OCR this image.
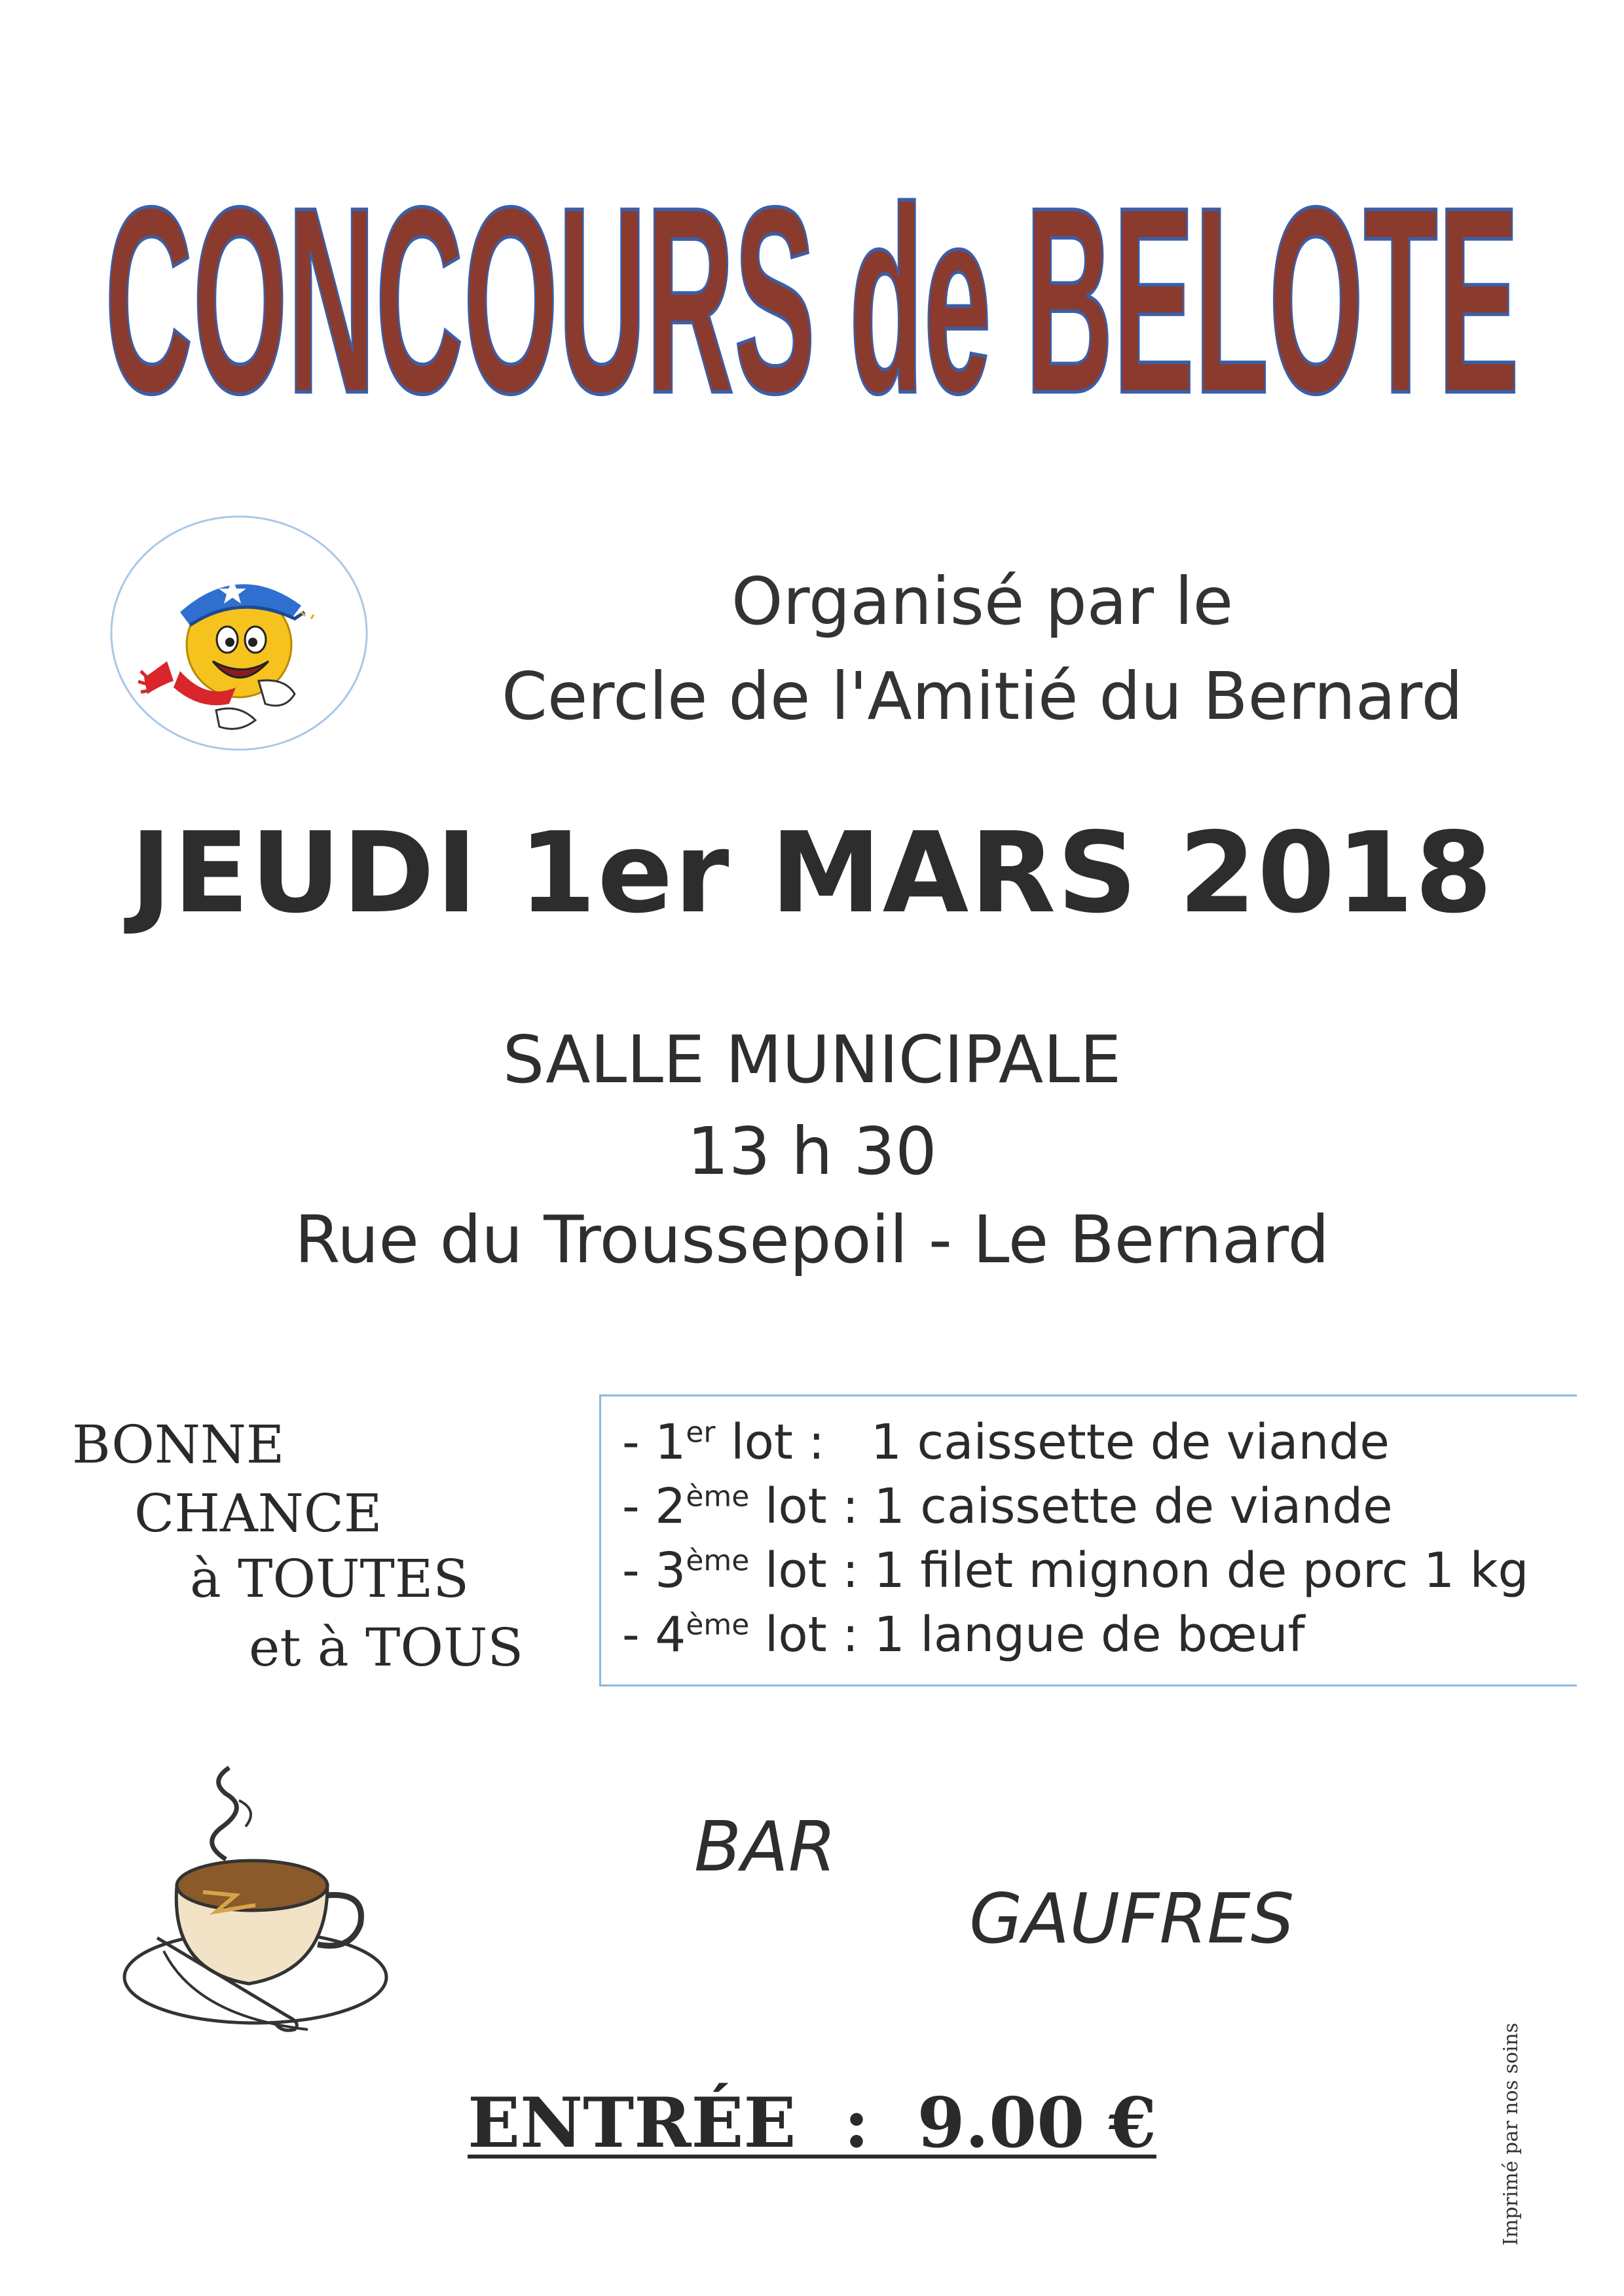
CONCOURS de BELOTE
Organisé par le
Cercle de l'Amitié du Bernard
JEUDI 1er MARS 2018
SALLE MUNICIPALE
13 h 30
Rue du Troussepoil - Le Bernard
BONNE
CHANCE
à TOUTES
et à TOUS
- 1er lot :   1 caissette de viande
- 2ème lot : 1 caissette de viande
- 3ème lot : 1 filet mignon de porc 1 kg
- 4ème lot : 1 langue de bœuf
BAR
GAUFRES
ENTRÉE  :  9.00 €	Imprimé par nos soins
